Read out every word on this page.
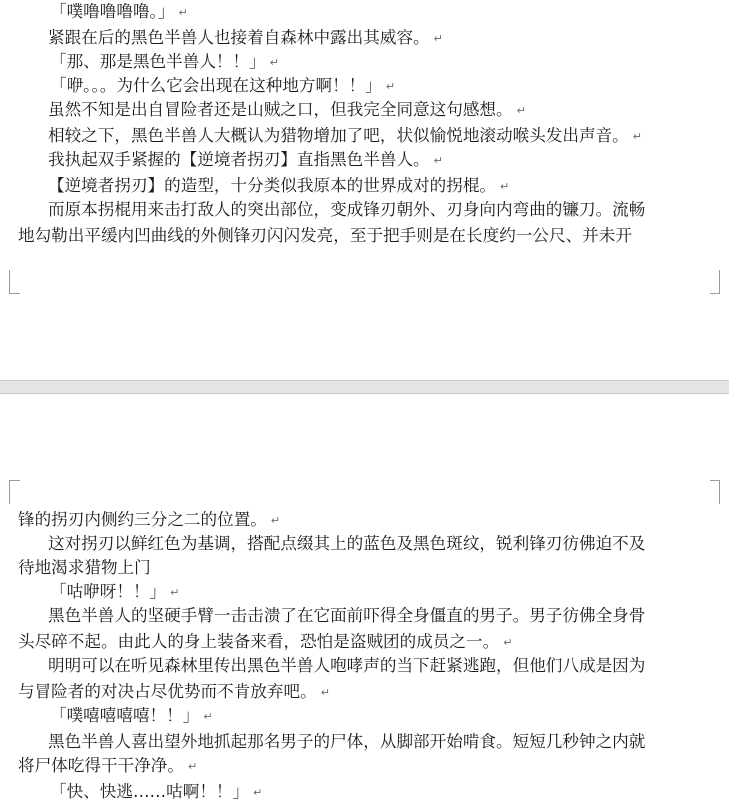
「噗噜噜噜噜。」 ↵
紧跟在后的黑色半兽人也接着自森林中露出其威容。 ↵
「那、那是黑色半兽人！！」 ↵
「咿。。。为什么它会出现在这种地方啊！！」 ↵
虽然不知是出自冒险者还是山贼之口，但我完全同意这句感想。 ↵
相较之下，黑色半兽人大概认为猎物增加了吧，状似愉悦地滚动喉头发出声音。 ↵
我执起双手紧握的【逆境者拐刃】直指黑色半兽人。 ↵
【逆境者拐刃】的造型，十分类似我原本的世界成对的拐棍。 ↵
而原本拐棍用来击打敌人的突出部位，变成锋刃朝外、刃身向内弯曲的镰刀。流畅
地勾勒出平缓内凹曲线的外侧锋刃闪闪发亮，至于把手则是在长度约一公尺、并未开
锋的拐刃内侧约三分之二的位置。 ↵
这对拐刃以鲜红色为基调，搭配点缀其上的蓝色及黑色斑纹，锐利锋刃彷佛迫不及
待地渴求猎物上门
「咕咿呀！！」 ↵
黑色半兽人的坚硬手臂一击击溃了在它面前吓得全身僵直的男子。男子彷佛全身骨
头尽碎不起。由此人的身上装备来看，恐怕是盗贼团的成员之一。 ↵
明明可以在听见森林里传出黑色半兽人咆哮声的当下赶紧逃跑，但他们八成是因为
与冒险者的对决占尽优势而不肯放弃吧。 ↵
「噗嘻嘻嘻嘻！！」 ↵
黑色半兽人喜出望外地抓起那名男子的尸体，从脚部开始啃食。短短几秒钟之内就
将尸体吃得干干净净。 ↵
「快、快逃……咕啊！！」 ↵
